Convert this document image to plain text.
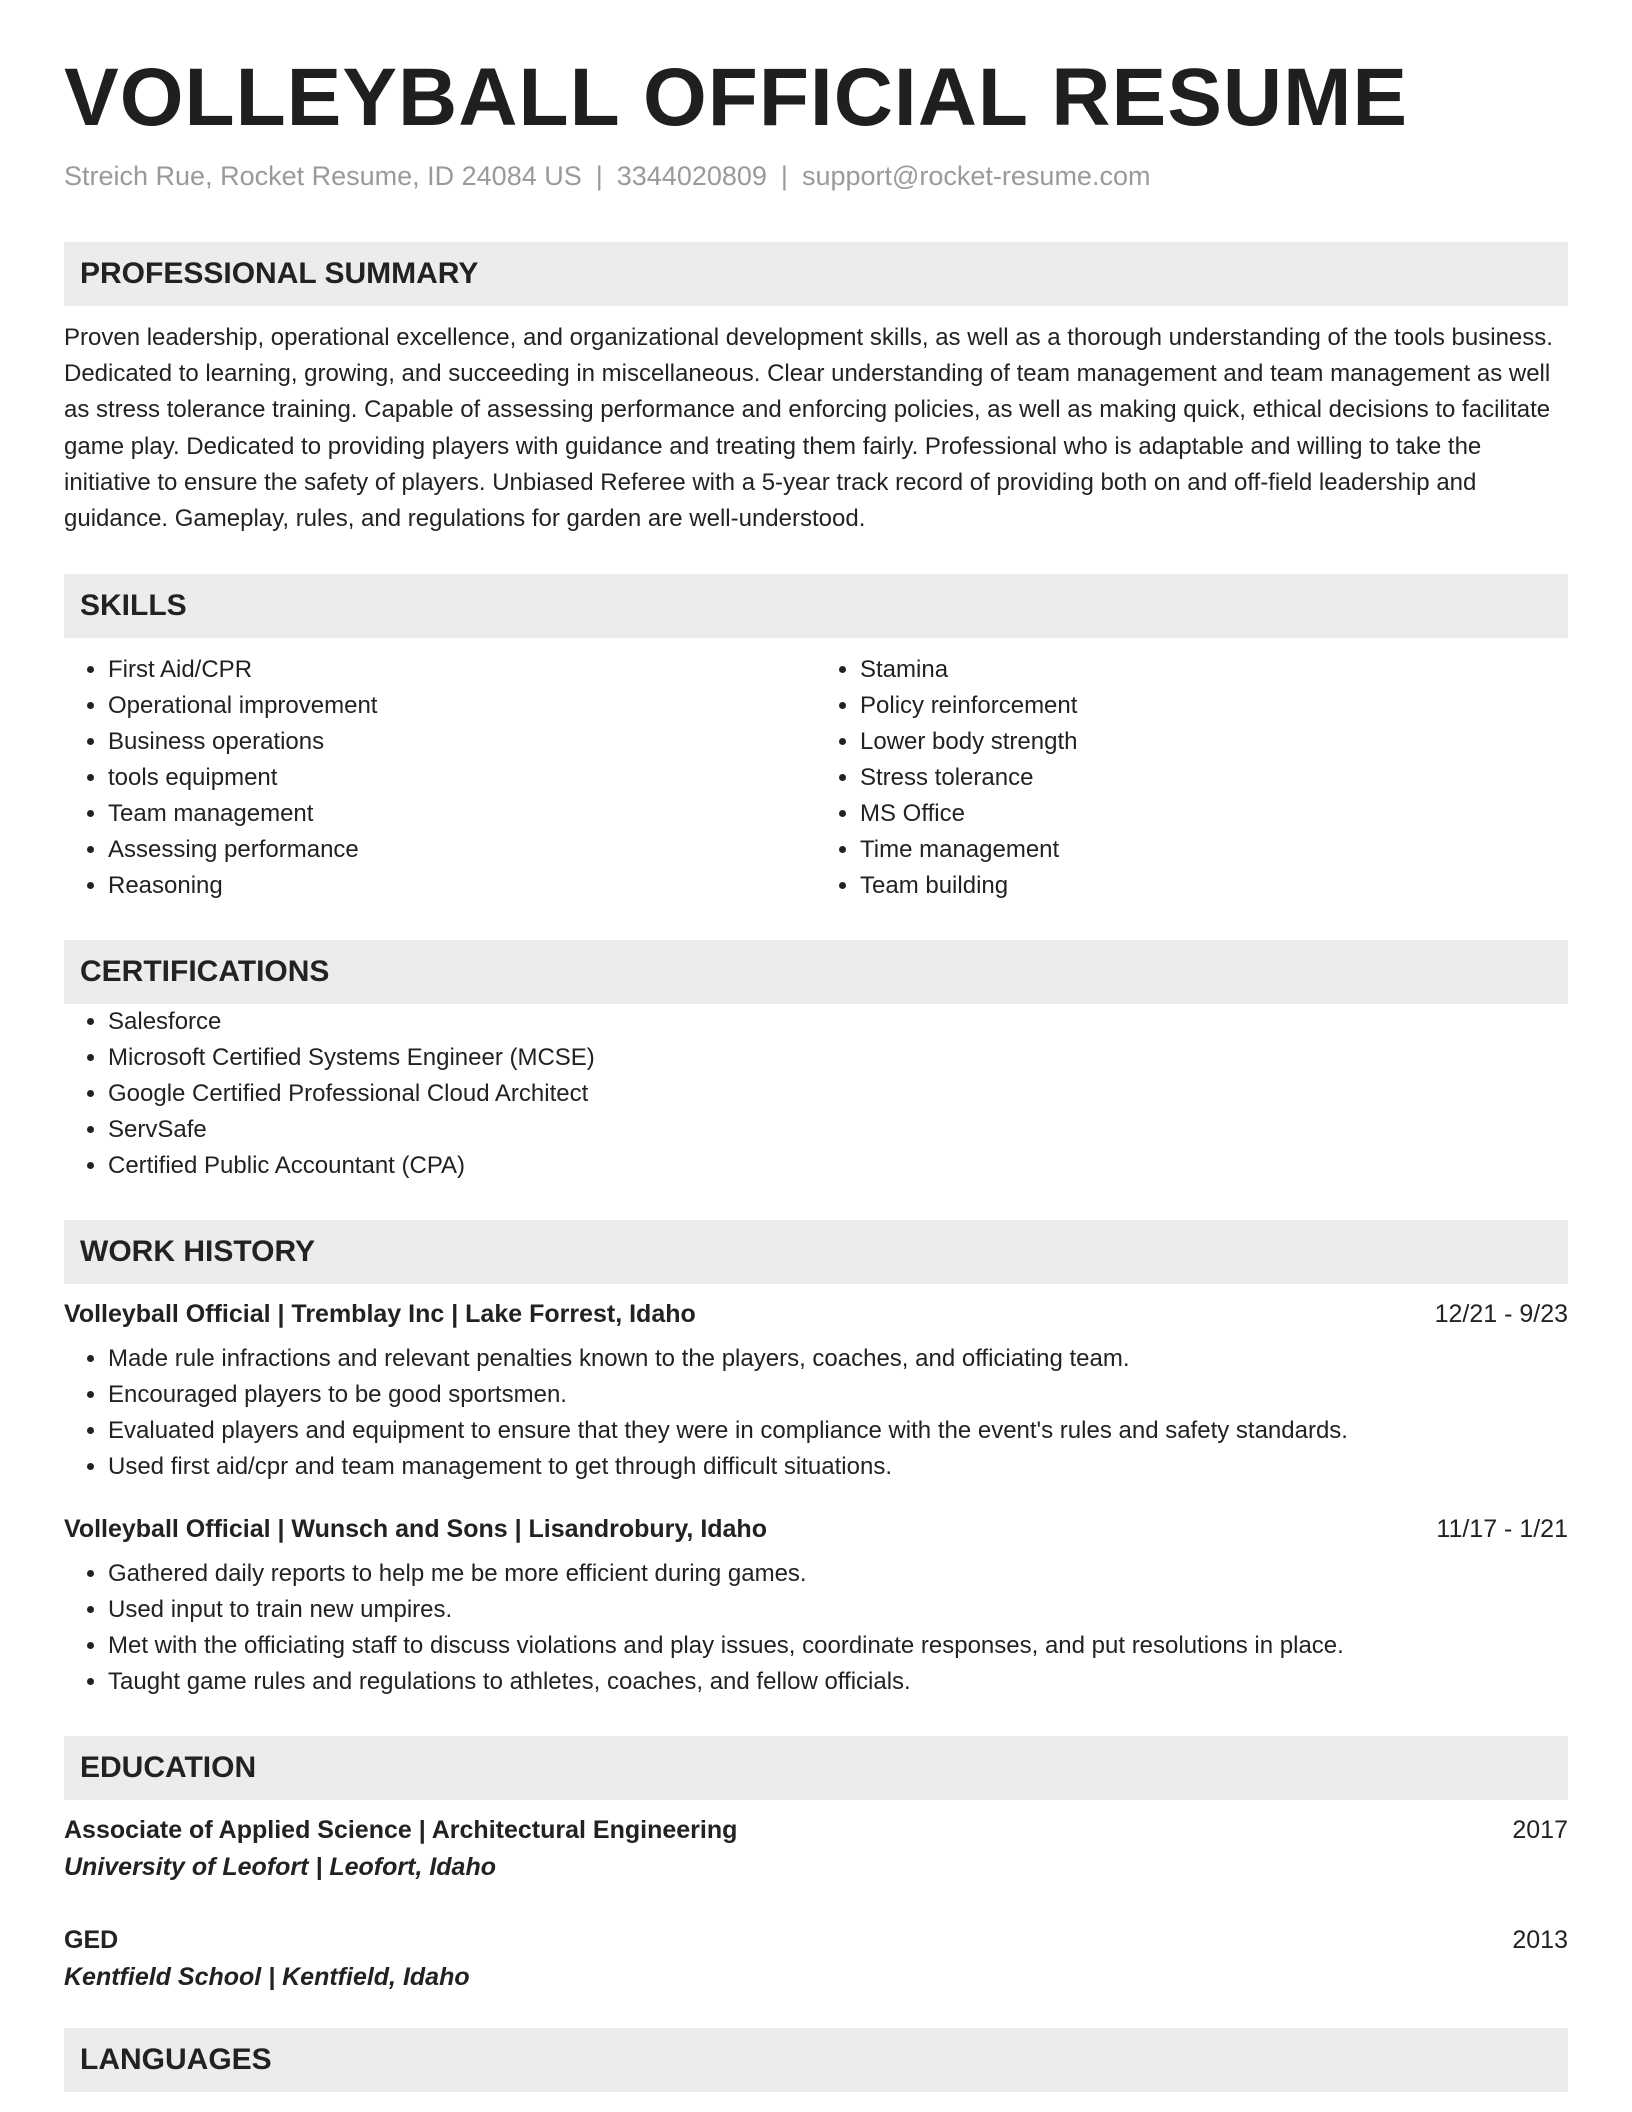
VOLLEYBALL OFFICIAL RESUME
Streich Rue, Rocket Resume, ID 24084 US | 3344020809 | support@rocket-resume.com
PROFESSIONAL SUMMARY

Proven leadership, operational excellence, and organizational development skills, as well as a thorough understanding of the tools business. Dedicated to learning, growing, and succeeding in miscellaneous. Clear understanding of team management and team management as well as stress tolerance training. Capable of assessing performance and enforcing policies, as well as making quick, ethical decisions to facilitate game play. Dedicated to providing players with guidance and treating them fairly. Professional who is adaptable and willing to take the initiative to ensure the safety of players. Unbiased Referee with a 5-year track record of providing both on and off-field leadership and guidance. Gameplay, rules, and regulations for garden are well-understood.

SKILLS
• First Aid/CPR
• Operational improvement
• Business operations
• tools equipment
• Team management
• Assessing performance
• Reasoning
• Stamina
• Policy reinforcement
• Lower body strength
• Stress tolerance
• MS Office
• Time management
• Team building
CERTIFICATIONS
• Salesforce
• Microsoft Certified Systems Engineer (MCSE)
• Google Certified Professional Cloud Architect
• ServSafe
• Certified Public Accountant (CPA)
WORK HISTORY
Volleyball Official | Tremblay Inc | Lake Forrest, Idaho	12/21 - 9/23
• Made rule infractions and relevant penalties known to the players, coaches, and officiating team.
• Encouraged players to be good sportsmen.
• Evaluated players and equipment to ensure that they were in compliance with the event's rules and safety standards.
• Used first aid/cpr and team management to get through difficult situations.
Volleyball Official | Wunsch and Sons | Lisandrobury, Idaho	11/17 - 1/21
• Gathered daily reports to help me be more efficient during games.
• Used input to train new umpires.
• Met with the officiating staff to discuss violations and play issues, coordinate responses, and put resolutions in place.
• Taught game rules and regulations to athletes, coaches, and fellow officials.
EDUCATION
Associate of Applied Science | Architectural Engineering	2017
University of Leofort | Leofort, Idaho
GED	2013
Kentfield School | Kentfield, Idaho
LANGUAGES
